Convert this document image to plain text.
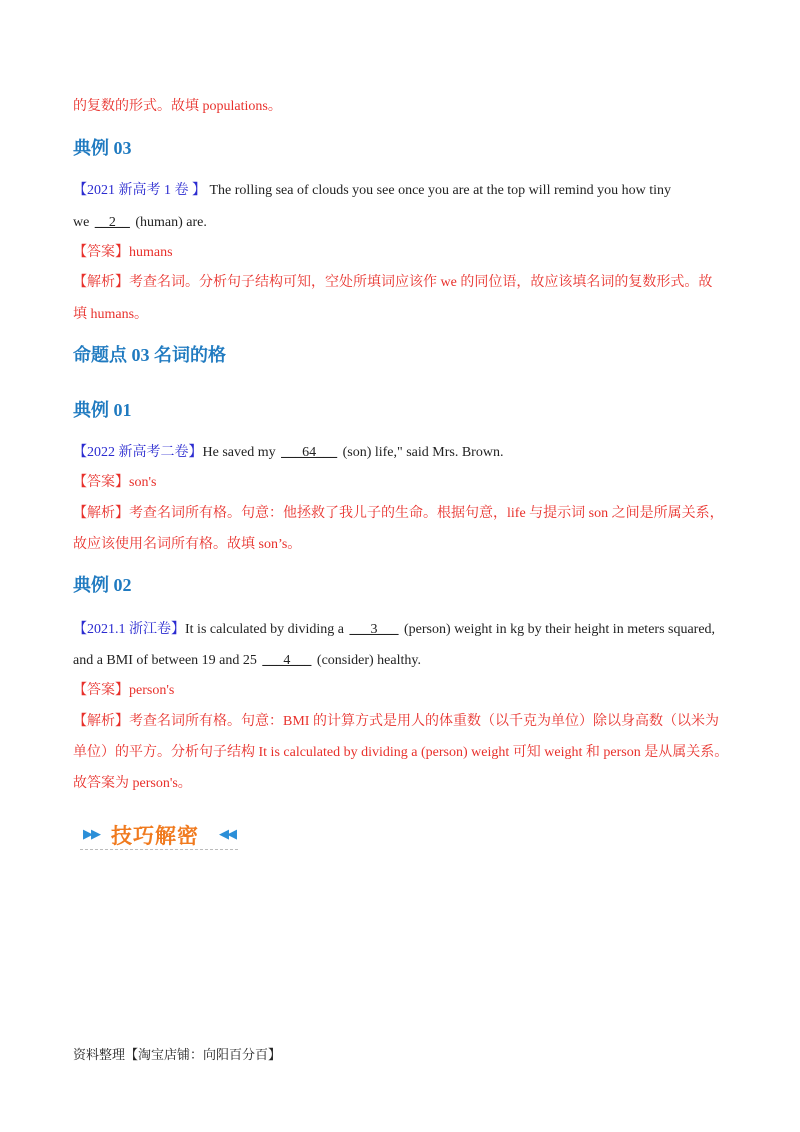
的复数的形式。故填 populations。
典例 03
【2021 新高考 1 卷 】 The rolling sea of clouds you see once you are at the top will remind you how tiny
we __2__ (human) are.
【答案】humans
【解析】考查名词。分析句子结构可知，空处所填词应该作 we 的同位语，故应该填名词的复数形式。故
填 humans。
命题点 03 名词的格
典例 01
【2022 新高考二卷】He saved my ___64___ (son) life," said Mrs. Brown.
【答案】son's
【解析】考查名词所有格。句意：他拯救了我儿子的生命。根据句意，life 与提示词 son 之间是所属关系，
故应该使用名词所有格。故填 son’s。
典例 02
【2021.1 浙江卷】It is calculated by dividing a ___3___ (person) weight in kg by their height in meters squared,
and a BMI of between 19 and 25 ___4___ (consider) healthy.
【答案】person's
【解析】考查名词所有格。句意：BMI 的计算方式是用人的体重数（以千克为单位）除以身高数（以米为
单位）的平方。分析句子结构 It is calculated by dividing a (person) weight 可知 weight 和 person 是从属关系。
故答案为 person's。
▶▶ 技巧解密 ◀◀
资料整理【淘宝店铺：向阳百分百】
